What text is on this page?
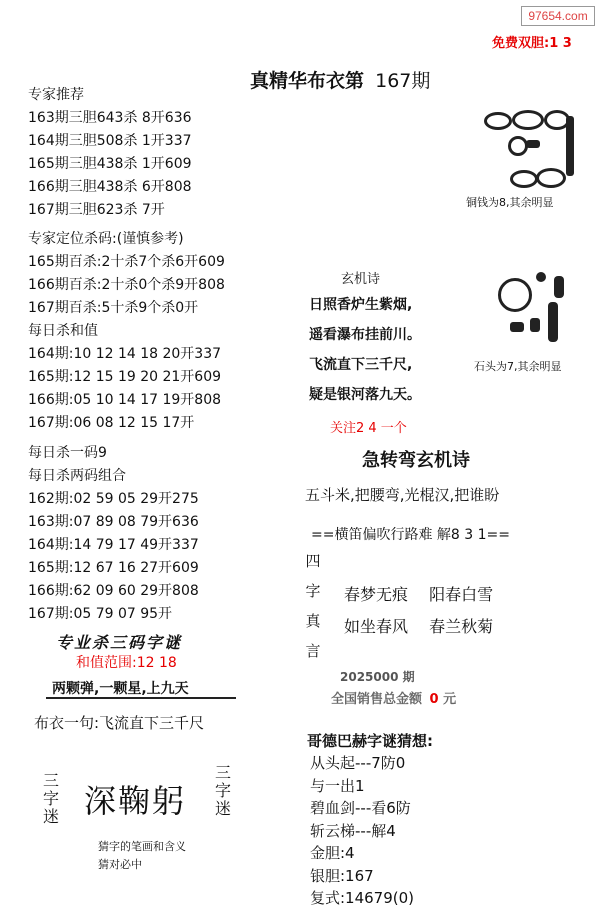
97654.com
免费双胆:1 3
真精华布衣第 167期
专家推荐
163期三胆643杀 8开636
164期三胆508杀 1开337
165期三胆438杀 1开609
166期三胆438杀 6开808
167期三胆623杀 7开
专家定位杀码:(谨慎参考)
165期百杀:2十杀7个杀6开609
166期百杀:2十杀0个杀9开808
167期百杀:5十杀9个杀0开
每日杀和值
164期:10 12 14 18 20开337
165期:12 15 19 20 21开609
166期:05 10 14 17 19开808
167期:06 08 12 15 17开
每日杀一码9
每日杀两码组合
162期:02 59 05 29开275
163期:07 89 08 79开636
164期:14 79 17 49开337
165期:12 67 16 27开609
166期:62 09 60 29开808
167期:05 79 07 95开
专业杀三码字谜
和值范围:12 18
两颗弹,一颗星,上九天
布衣一句:飞流直下三千尺
三字迷 深鞠躬
三字迷
猜字的笔画和含义
猜对必中
铜钱为8,其余明显
石头为7,其余明显
玄机诗
日照香炉生紫烟,
遥看瀑布挂前川。
飞流直下三千尺,
疑是银河落九天。
关注2 4 一个
急转弯玄机诗
五斗米,把腰弯,光棍汉,把谁盼
==横笛偏吹行路难 解8 3 1==
四
字
真
言
春梦无痕 阳春白雪
如坐春风 春兰秋菊
2025000 期
全国销售总金额 0 元
哥德巴赫字谜猜想:
从头起---7防0
与一出1
碧血剑---看6防
斩云梯---解4
金胆:4
银胆:167
复式:14679(0)
